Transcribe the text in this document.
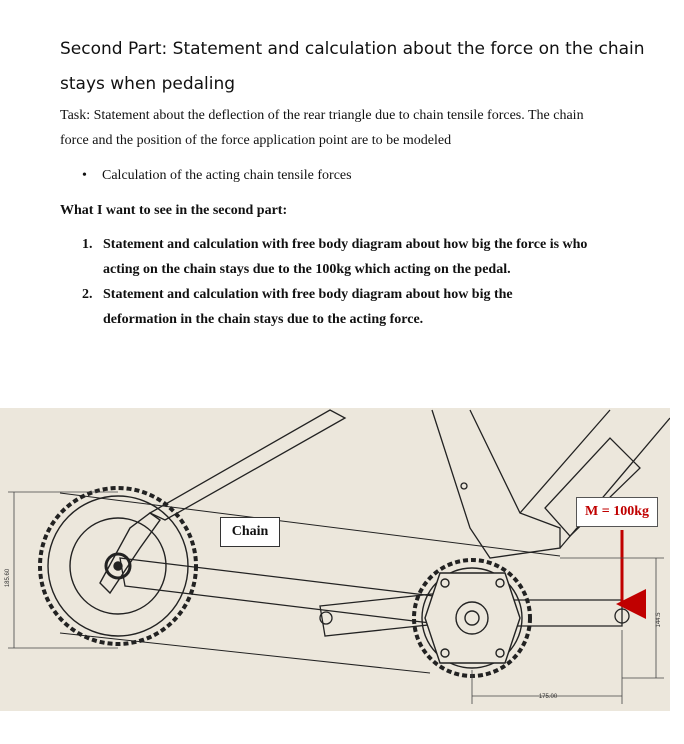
Second Part: Statement and calculation about the force on the chain
stays when pedaling
Task: Statement about the deflection of the rear triangle due to chain tensile forces. The chain
force and the position of the force application point are to be modeled
• Calculation of the acting chain tensile forces
What I want to see in the second part:
1. Statement and calculation with free body diagram about how big the force is who
acting on the chain stays due to the 100kg which acting on the pedal.
2. Statement and calculation with free body diagram about how big the
deformation in the chain stays due to the acting force.
185.60
144.5
175.00
Chain
M = 100kg
